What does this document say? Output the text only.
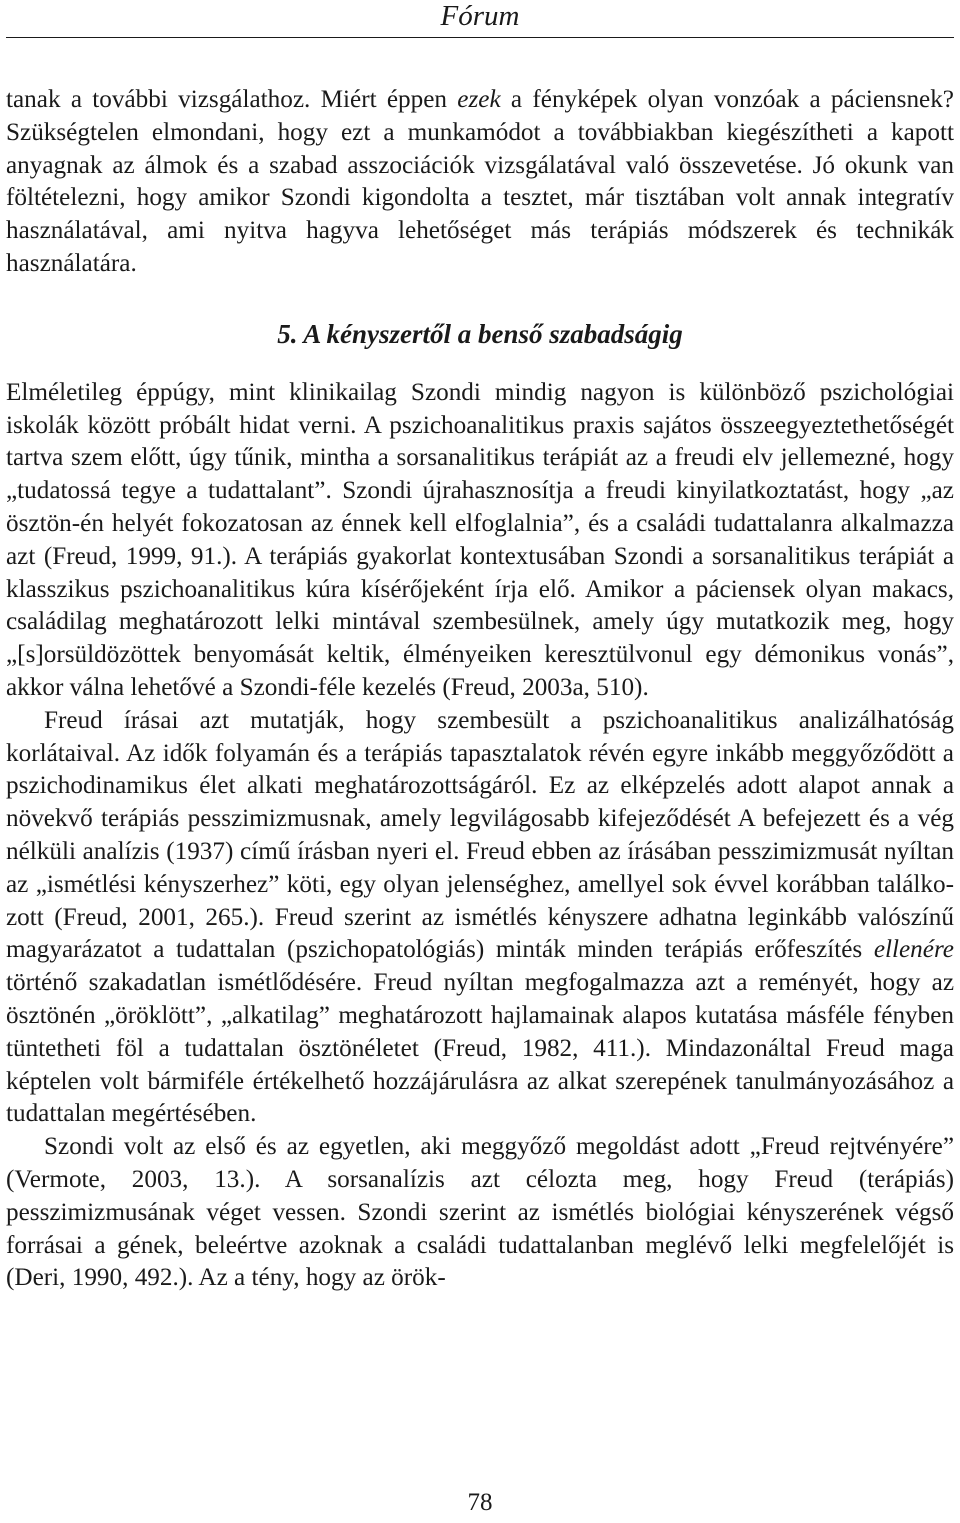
Fórum

tanak a további vizsgálathoz. Miért éppen ezek a fényképek olyan vonzóak a páciensnek? Szükségtelen elmondani, hogy ezt a munkamódot a továbbiakban kiegészítheti a kapott anyagnak az álmok és a szabad asszociációk vizsgálatával való összevetése. Jó okunk van föltételezni, hogy amikor Szondi kigondolta a tesztet, már tisztában volt annak integratív használatával, ami nyitva hagyva lehetőséget más terápiás módszerek és technikák használatára.

5. A kényszertől a benső szabadságig

Elméletileg éppúgy, mint klinikailag Szondi mindig nagyon is különböző pszichológiai iskolák között próbált hidat verni. A pszichoanalitikus praxis sajátos összeegyeztethetőségét tartva szem előtt, úgy tűnik, mintha a sorsanalitikus terápiát az a freudi elv jellemezné, hogy „tudatossá tegye a tudattalant”. Szondi újrahasznosítja a freudi kinyilatkoztatást, hogy „az ösztön-én helyét fokozatosan az énnek kell elfoglalnia”, és a családi tudattalanra alkalmazza azt (Freud, 1999, 91.). A terápiás gyakorlat kontextusában Szondi a sorsanalitikus terápiát a klasszikus pszichoanalitikus kúra kísérőjeként írja elő. Amikor a páciensek olyan makacs, családilag meghatározott lelki mintával szembesülnek, amely úgy mutatkozik meg, hogy „[s]orsüldözöttek benyomását keltik, élményeiken keresztülvonul egy démonikus vonás”, akkor válna lehetővé a Szondi-féle kezelés (Freud, 2003a, 510).

Freud írásai azt mutatják, hogy szembesült a pszichoanalitikus analizálhatóság korlátaival. Az idők folyamán és a terápiás tapasztalatok révén egyre inkább meggyőződött a pszichodinamikus élet alkati meghatározottságáról. Ez az elképzelés adott alapot annak a növekvő terápiás pesszimizmusnak, amely legvilágosabb kifejeződését A befejezett és a vég nélküli analízis (1937) című írásban nyeri el. Freud ebben az írásában pesszimizmusát nyíltan az „ismétlési kényszerhez” köti, egy olyan jelenséghez, amellyel sok évvel korábban találkozott (Freud, 2001, 265.). Freud szerint az ismétlés kényszere adhatna leginkább valószínű magyarázatot a tudattalan (pszichopatológiás) minták minden terápiás erőfeszítés ellenére történő szakadatlan ismétlődésére. Freud nyíltan megfogalmazza azt a reményét, hogy az ösztönén „öröklött”, „alkatilag” meghatározott hajlamainak alapos kutatása másféle fényben tüntetheti föl a tudattalan ösztönéletet (Freud, 1982, 411.). Mindazonáltal Freud maga képtelen volt bármiféle értékelhető hozzájárulásra az alkat szerepének tanulmányozásához a tudattalan megértésében.

Szondi volt az első és az egyetlen, aki meggyőző megoldást adott „Freud rejtvényére” (Vermote, 2003, 13.). A sorsanalízis azt célozta meg, hogy Freud (terápiás) pesszimizmusának véget vessen. Szondi szerint az ismétlés biológiai kényszerének végső forrásai a gének, beleértve azoknak a családi tudattalanban meglévő lelki megfelelőjét is (Deri, 1990, 492.). Az a tény, hogy az örök-

78
